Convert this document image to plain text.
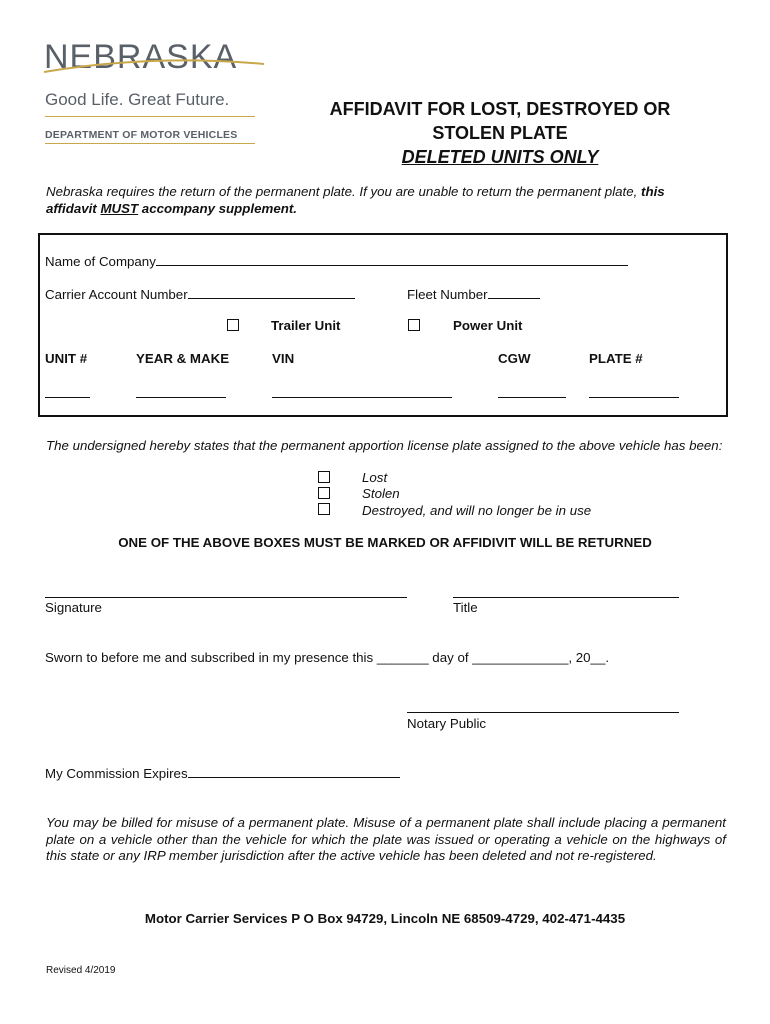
NEBRASKA
Good Life. Great Future.
DEPARTMENT OF MOTOR VEHICLES
AFFIDAVIT FOR LOST, DESTROYED OR
STOLEN PLATE
DELETED UNITS ONLY
Nebraska requires the return of the permanent plate. If you are unable to return the permanent plate, this
affidavit MUST accompany supplement.
Name of Company
Carrier Account Number	Fleet Number
Trailer Unit	Power Unit
UNIT #	YEAR & MAKE	VIN	CGW	PLATE #
The undersigned hereby states that the permanent apportion license plate assigned to the above vehicle has been:
Lost
Stolen
Destroyed, and will no longer be in use
ONE OF THE ABOVE BOXES MUST BE MARKED OR AFFIDIVIT WILL BE RETURNED
Signature	Title
Sworn to before me and subscribed in my presence this _______ day of _____________, 20__.
Notary Public
My Commission Expires
You may be billed for misuse of a permanent plate. Misuse of a permanent plate shall include placing a permanent plate on a vehicle other than the vehicle for which the plate was issued or operating a vehicle on the highways of this state or any IRP member jurisdiction after the active vehicle has been deleted and not re-registered.
Motor Carrier Services P O Box 94729, Lincoln NE 68509-4729, 402-471-4435
Revised 4/2019
